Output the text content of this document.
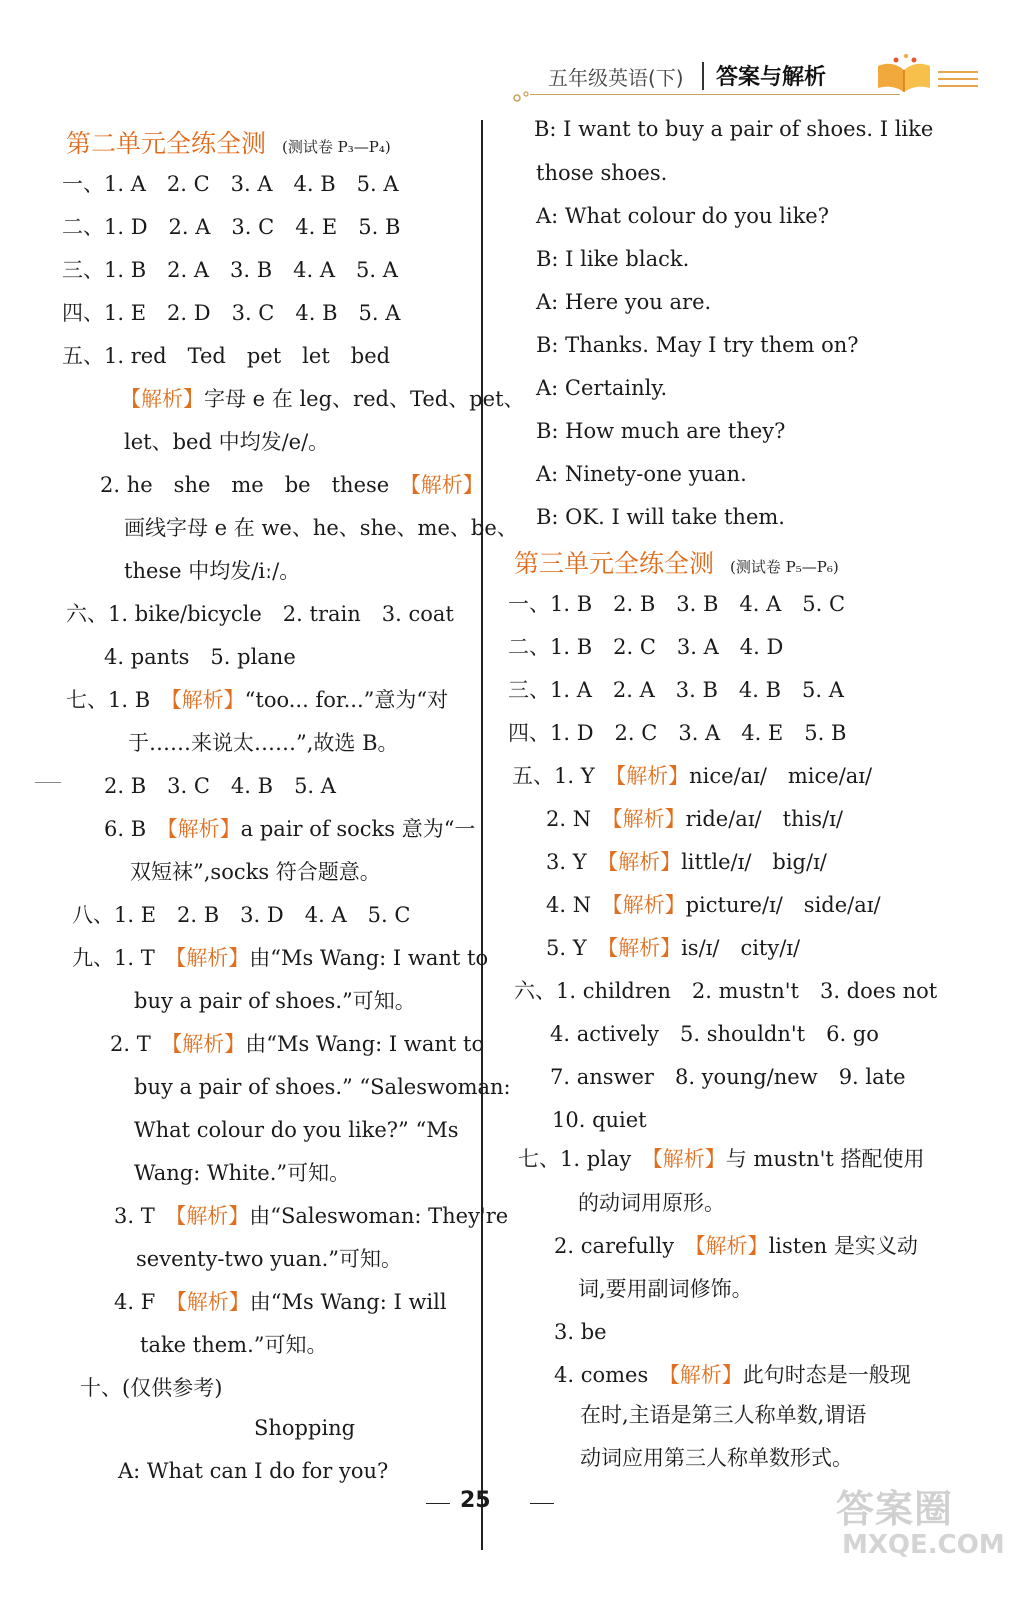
五年级英语(下) 答案与解析
第二单元全练全测 (测试卷 P₃—P₄)
一、1. A　2. C　3. A　4. B　5. A
二、1. D　2. A　3. C　4. E　5. B
三、1. B　2. A　3. B　4. A　5. A
四、1. E　2. D　3. C　4. B　5. A
五、1. red　Ted　pet　let　bed
【解析】字母 e 在 leg、red、Ted、pet、
let、bed 中均发/e/。
2. he　she　me　be　these　【解析】
画线字母 e 在 we、he、she、me、be、
these 中均发/iː/。
六、1. bike/bicycle　2. train　3. coat
4. pants　5. plane
七、1. B　【解析】“too... for...”意为“对
于……来说太……”,故选 B。
2. B　3. C　4. B　5. A
6. B　【解析】a pair of socks 意为“一
双短袜”,socks 符合题意。
八、1. E　2. B　3. D　4. A　5. C
九、1. T　【解析】由“Ms Wang: I want to
buy a pair of shoes.”可知。
2. T　【解析】由“Ms Wang: I want to
buy a pair of shoes.” “Saleswoman:
What colour do you like?” “Ms
Wang: White.”可知。
3. T　【解析】由“Saleswoman: They're
seventy-two yuan.”可知。
4. F　【解析】由“Ms Wang: I will
take them.”可知。
十、(仅供参考)
Shopping
A: What can I do for you?
B: I want to buy a pair of shoes. I like
those shoes.
A: What colour do you like?
B: I like black.
A: Here you are.
B: Thanks. May I try them on?
A: Certainly.
B: How much are they?
A: Ninety-one yuan.
B: OK. I will take them.
第三单元全练全测 (测试卷 P₅—P₆)
一、1. B　2. B　3. B　4. A　5. C
二、1. B　2. C　3. A　4. D
三、1. A　2. A　3. B　4. B　5. A
四、1. D　2. C　3. A　4. E　5. B
五、1. Y　【解析】nice/aɪ/　mice/aɪ/
2. N　【解析】ride/aɪ/　this/ɪ/
3. Y　【解析】little/ɪ/　big/ɪ/
4. N　【解析】picture/ɪ/　side/aɪ/
5. Y　【解析】is/ɪ/　city/ɪ/
六、1. children　2. mustn't　3. does not
4. actively　5. shouldn't　6. go
7. answer　8. young/new　9. late
10. quiet
七、1. play　【解析】与 mustn't 搭配使用
的动词用原形。
2. carefully　【解析】listen 是实义动
词,要用副词修饰。
3. be
4. comes　【解析】此句时态是一般现
在时,主语是第三人称单数,谓语
动词应用第三人称单数形式。
25	答案圈
MXQE.COM
